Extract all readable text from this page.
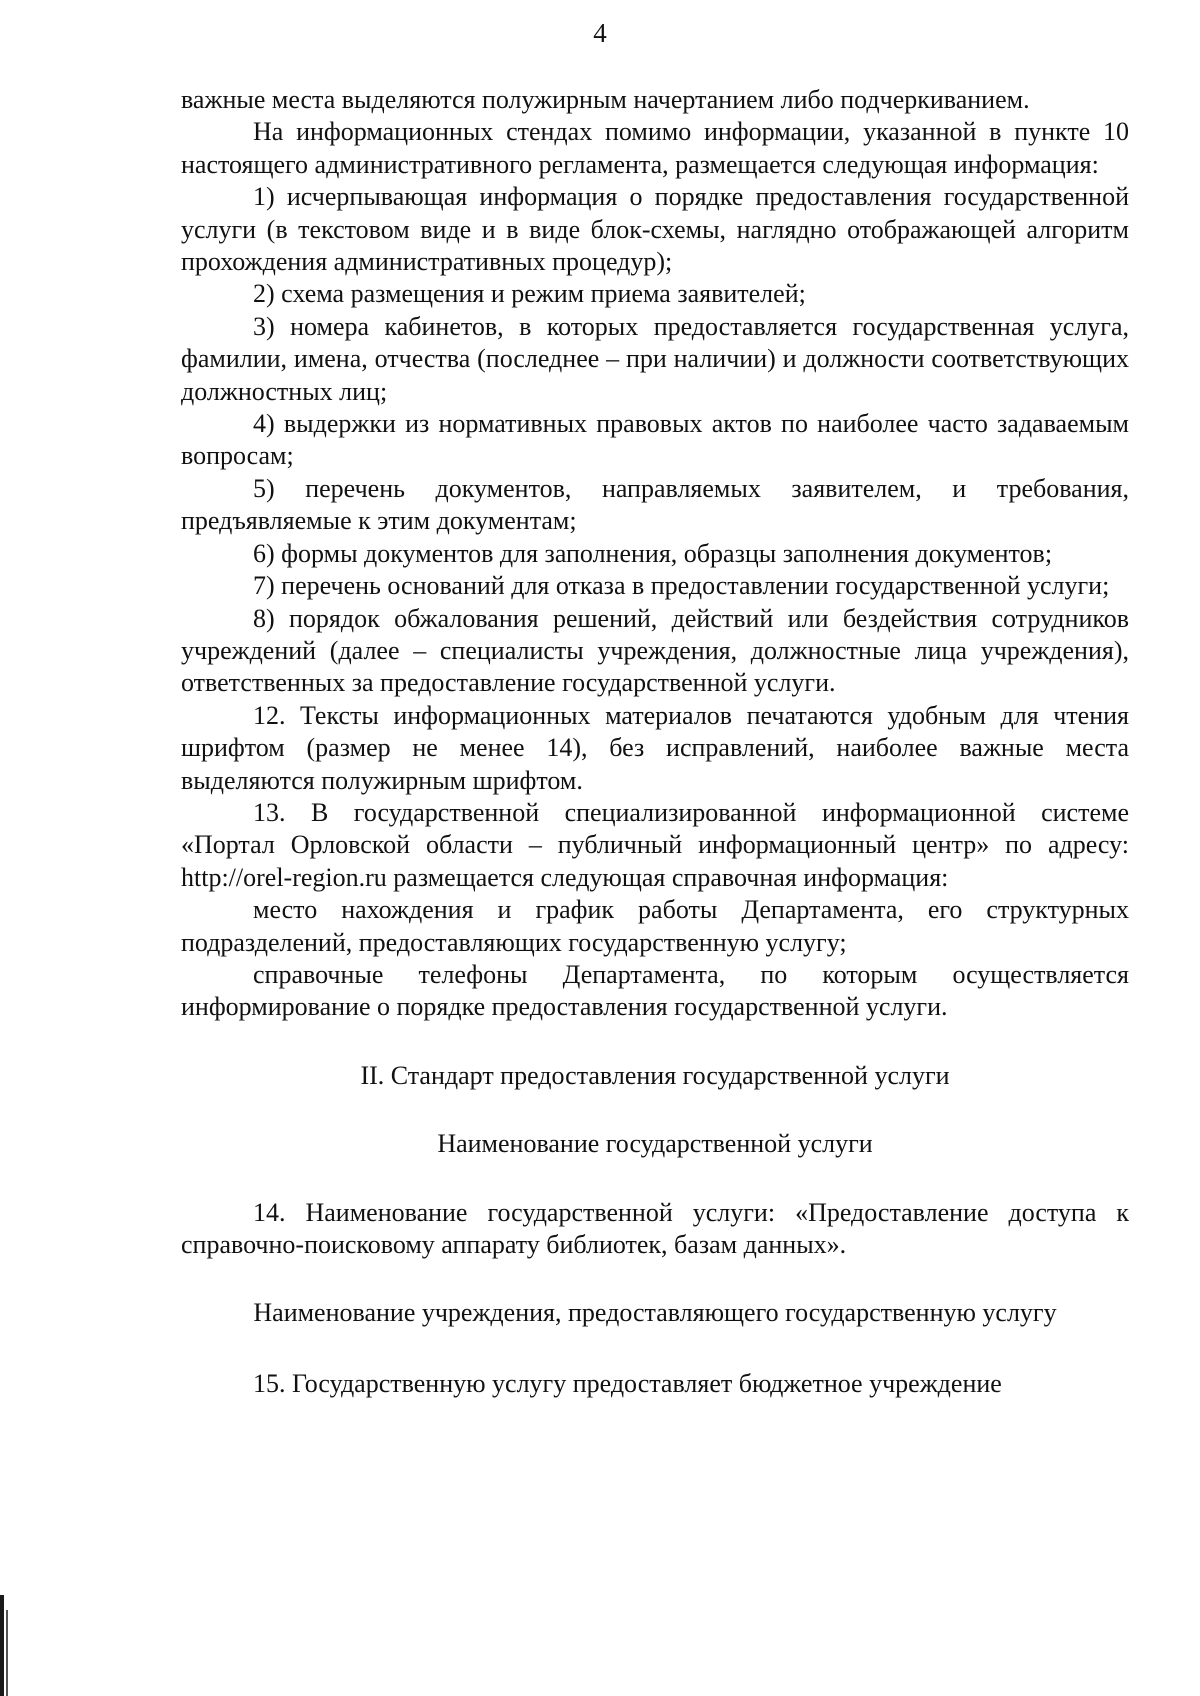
4

важные места выделяются полужирным начертанием либо подчеркиванием.

На информационных стендах помимо информации, указанной в пункте 10 настоящего административного регламента, размещается следующая информация:

1) исчерпывающая информация о порядке предоставления государственной услуги (в текстовом виде и в виде блок-схемы, наглядно отображающей алгоритм прохождения административных процедур);

2) схема размещения и режим приема заявителей;

3) номера кабинетов, в которых предоставляется государственная услуга, фамилии, имена, отчества (последнее – при наличии) и должности соответствующих должностных лиц;

4) выдержки из нормативных правовых актов по наиболее часто задаваемым вопросам;

5) перечень документов, направляемых заявителем, и требования, предъявляемые к этим документам;

6) формы документов для заполнения, образцы заполнения документов;

7) перечень оснований для отказа в предоставлении государственной услуги;

8) порядок обжалования решений, действий или бездействия сотрудников учреждений (далее – специалисты учреждения, должностные лица учреждения), ответственных за предоставление государственной услуги.

12. Тексты информационных материалов печатаются удобным для чтения шрифтом (размер не менее 14), без исправлений, наиболее важные места выделяются полужирным шрифтом.

13. В государственной специализированной информационной системе «Портал Орловской области – публичный информационный центр» по адресу: http://orel-region.ru размещается следующая справочная информация:

место нахождения и график работы Департамента, его структурных подразделений, предоставляющих государственную услугу;

справочные телефоны Департамента, по которым осуществляется информирование о порядке предоставления государственной услуги.

II. Стандарт предоставления государственной услуги

Наименование государственной услуги

14. Наименование государственной услуги: «Предоставление доступа к справочно-поисковому аппарату библиотек, базам данных».

Наименование учреждения, предоставляющего государственную услугу

15. Государственную услугу предоставляет бюджетное учреждение
